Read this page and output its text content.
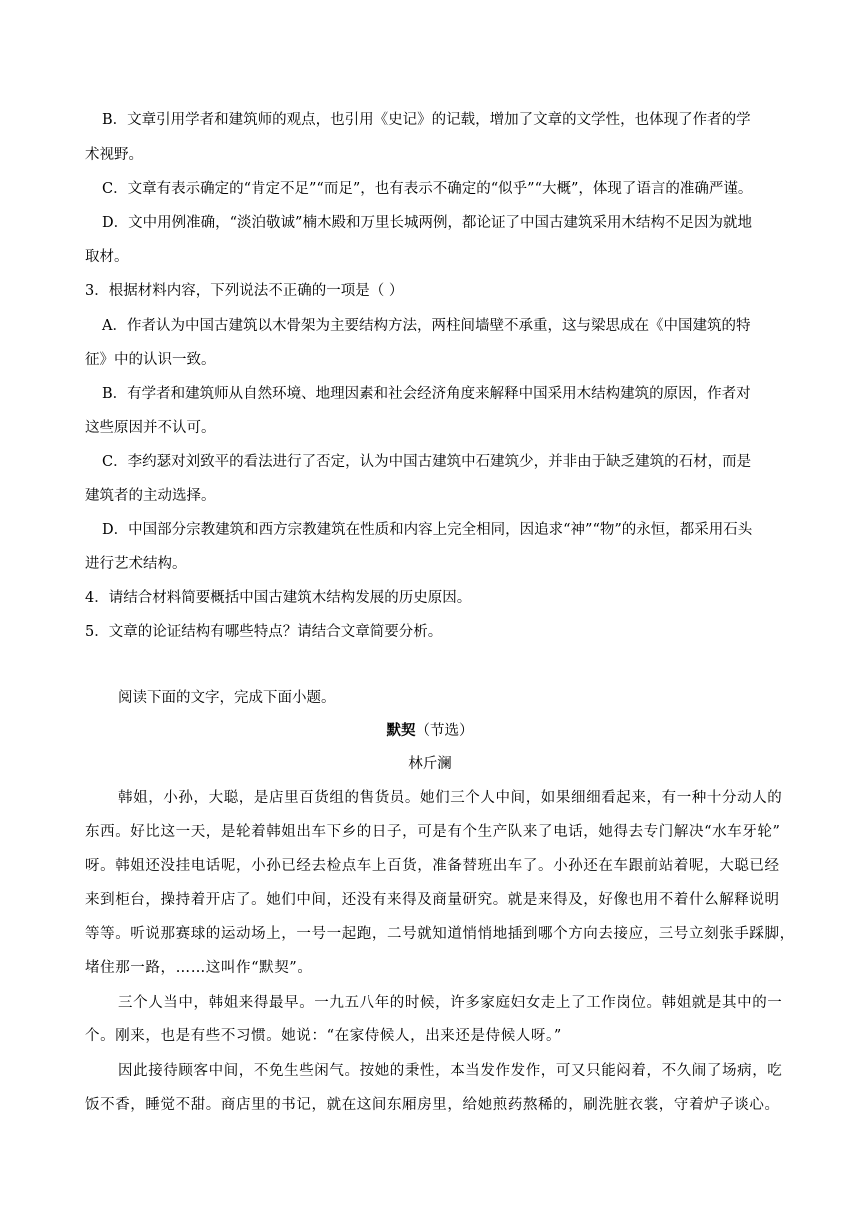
B．文章引用学者和建筑师的观点，也引用《史记》的记载，增加了文章的文学性，也体现了作者的学
术视野。
C．文章有表示确定的“肯定不足”“而足”，也有表示不确定的“似乎”“大概”，体现了语言的准确严谨。
D．文中用例准确，“淡泊敬诚”楠木殿和万里长城两例，都论证了中国古建筑采用木结构不足因为就地
取材。
3．根据材料内容，下列说法不正确的一项是（ ）
A．作者认为中国古建筑以木骨架为主要结构方法，两柱间墙壁不承重，这与梁思成在《中国建筑的特
征》中的认识一致。
B．有学者和建筑师从自然环境、地理因素和社会经济角度来解释中国采用木结构建筑的原因，作者对
这些原因并不认可。
C．李约瑟对刘致平的看法进行了否定，认为中国古建筑中石建筑少，并非由于缺乏建筑的石材，而是
建筑者的主动选择。
D．中国部分宗教建筑和西方宗教建筑在性质和内容上完全相同，因追求“神”“物”的永恒，都采用石头
进行艺术结构。
4．请结合材料简要概括中国古建筑木结构发展的历史原因。
5．文章的论证结构有哪些特点？请结合文章简要分析。
阅读下面的文字，完成下面小题。
默契（节选）
林斤澜
韩姐，小孙，大聪，是店里百货组的售货员。她们三个人中间，如果细细看起来，有一种十分动人的
东西。好比这一天，是轮着韩姐出车下乡的日子，可是有个生产队来了电话，她得去专门解决“水车牙轮”
呀。韩姐还没挂电话呢，小孙已经去检点车上百货，准备替班出车了。小孙还在车跟前站着呢，大聪已经
来到柜台，操持着开店了。她们中间，还没有来得及商量研究。就是来得及，好像也用不着什么解释说明
等等。听说那赛球的运动场上，一号一起跑，二号就知道悄悄地插到哪个方向去接应，三号立刻张手踩脚，
堵住那一路，……这叫作“默契”。
三个人当中，韩姐来得最早。一九五八年的时候，许多家庭妇女走上了工作岗位。韩姐就是其中的一
个。刚来，也是有些不习惯。她说：“在家侍候人，出来还是侍候人呀。”
因此接待顾客中间，不免生些闲气。按她的秉性，本当发作发作，可又只能闷着，不久闹了场病，吃
饭不香，睡觉不甜。商店里的书记，就在这间东厢房里，给她煎药熬稀的，刷洗脏衣裳，守着炉子谈心。
